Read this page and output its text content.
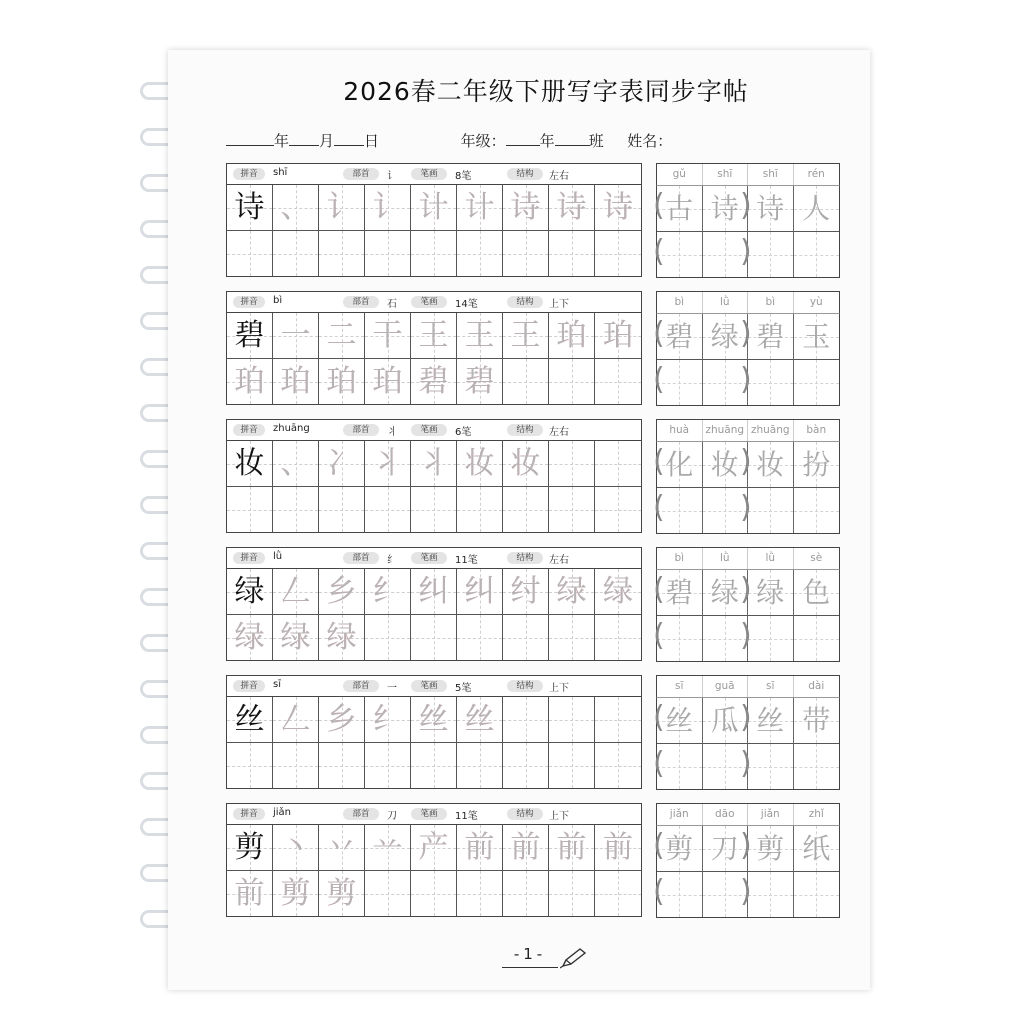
2026春二年级下册写字表同步字帖
年 月 日	年级： 年 班 姓名：
拼音	shī	部首	讠	笔画	8笔	结构	左右
诗 、 讠 讠 计 计 诗 诗 诗
gǔ	shī	shī	rén
古 诗 诗 人
(	)
(	)
拼音	bì	部首	石	笔画	14笔	结构	上下
碧 一 二 干 王 王 王 珀 珀
珀 珀 珀 珀 碧 碧
bì	lǜ	bì	yù
碧 绿 碧 玉
(	)
(	)
拼音	zhuāng	部首	丬	笔画	6笔	结构	左右
妆 、 冫 丬 丬 妆 妆
huà	zhuāng zhuāng	bàn
化 妆 妆 扮
(	)
(	)
拼音	lǜ	部首	纟	笔画	11笔	结构	左右
绿 𠃋 乡 纟 纠 纠 纣 绿 绿
绿 绿 绿
bì	lǜ	lǜ	sè
碧 绿 绿 色
(	)
(	)
拼音	sī	部首	一	笔画	5笔	结构	上下
丝 𠃋 乡 纟 丝 丝
sī	guā	sī	dài
丝 瓜 丝 带
(	)
(	)
拼音	jiǎn	部首	刀	笔画	11笔	结构	上下
剪 丶 丷 䒑 产 前 前 前 前
前 剪 剪
jiǎn	dāo	jiǎn	zhǐ
剪 刀 剪 纸
(	)
(	)
-1-
